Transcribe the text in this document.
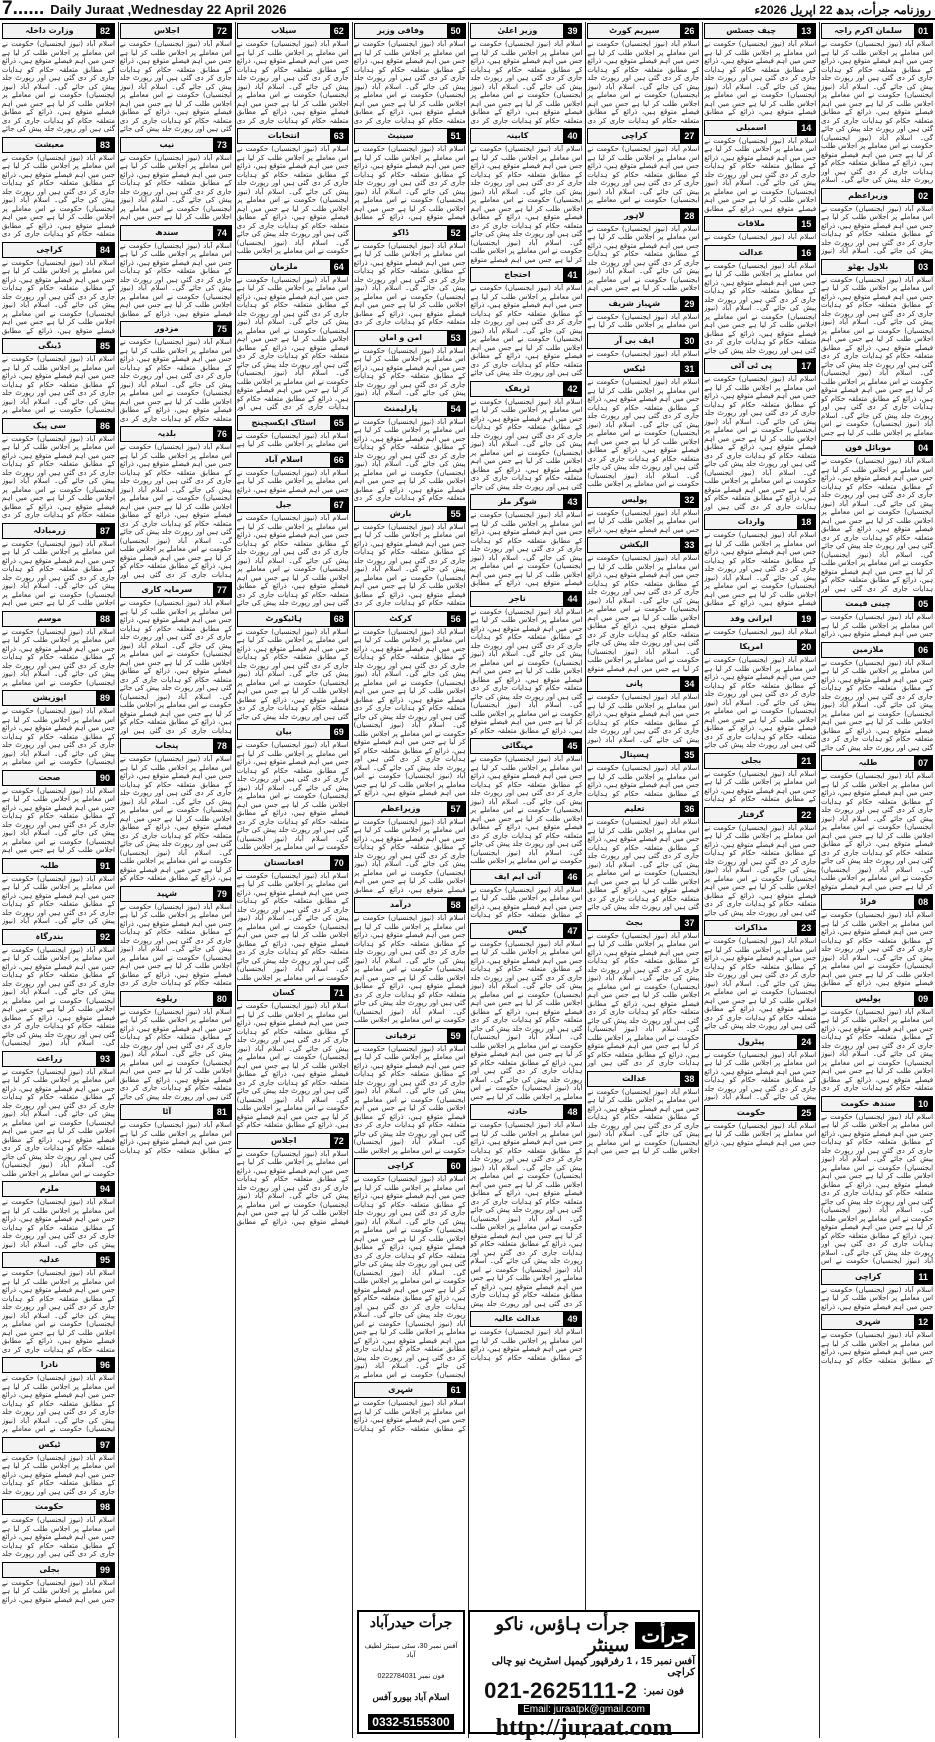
7...... Daily Juraat ,Wednesday 22 April 2026	روزنامہ جرأت، بدھ 22 اپریل 2026ء
01
سلمان اکرم راجہ
اسلام آباد (نیوز ایجنسیاں) حکومت نے اس معاملے پر اجلاس طلب کر لیا ہے جس میں اہم فیصلے متوقع ہیں، ذرائع کے مطابق متعلقہ حکام کو ہدایات جاری کر دی گئی ہیں اور رپورٹ جلد پیش کی جائے گی۔ اسلام آباد (نیوز ایجنسیاں) حکومت نے اس معاملے پر اجلاس طلب کر لیا ہے جس میں اہم فیصلے متوقع ہیں، ذرائع کے مطابق متعلقہ حکام کو ہدایات جاری کر دی گئی ہیں اور رپورٹ جلد پیش کی جائے گی۔ اسلام آباد (نیوز ایجنسیاں) حکومت نے اس معاملے پر اجلاس طلب کر لیا ہے جس میں اہم فیصلے متوقع ہیں، ذرائع کے مطابق متعلقہ حکام کو ہدایات جاری کر دی گئی ہیں اور رپورٹ جلد پیش کی جائے گی۔ اسلام
02
وزیراعظم
اسلام آباد (نیوز ایجنسیاں) حکومت نے اس معاملے پر اجلاس طلب کر لیا ہے جس میں اہم فیصلے متوقع ہیں، ذرائع کے مطابق متعلقہ حکام کو ہدایات جاری کر دی گئی ہیں اور رپورٹ جلد پیش کی جائے گی۔ اسلام آباد (نیوز
03
بلاول بھٹو
اسلام آباد (نیوز ایجنسیاں) حکومت نے اس معاملے پر اجلاس طلب کر لیا ہے جس میں اہم فیصلے متوقع ہیں، ذرائع کے مطابق متعلقہ حکام کو ہدایات جاری کر دی گئی ہیں اور رپورٹ جلد پیش کی جائے گی۔ اسلام آباد (نیوز ایجنسیاں) حکومت نے اس معاملے پر اجلاس طلب کر لیا ہے جس میں اہم فیصلے متوقع ہیں، ذرائع کے مطابق متعلقہ حکام کو ہدایات جاری کر دی گئی ہیں اور رپورٹ جلد پیش کی جائے گی۔ اسلام آباد (نیوز ایجنسیاں) حکومت نے اس معاملے پر اجلاس طلب کر لیا ہے جس میں اہم فیصلے متوقع ہیں، ذرائع کے مطابق متعلقہ حکام کو ہدایات جاری کر دی گئی ہیں اور رپورٹ جلد پیش کی جائے گی۔ اسلام آباد (نیوز ایجنسیاں) حکومت نے اس معاملے پر اجلاس طلب کر لیا ہے جس
04
موبائل فون
اسلام آباد (نیوز ایجنسیاں) حکومت نے اس معاملے پر اجلاس طلب کر لیا ہے جس میں اہم فیصلے متوقع ہیں، ذرائع کے مطابق متعلقہ حکام کو ہدایات جاری کر دی گئی ہیں اور رپورٹ جلد پیش کی جائے گی۔ اسلام آباد (نیوز ایجنسیاں) حکومت نے اس معاملے پر اجلاس طلب کر لیا ہے جس میں اہم فیصلے متوقع ہیں، ذرائع کے مطابق متعلقہ حکام کو ہدایات جاری کر دی گئی ہیں اور رپورٹ جلد پیش کی جائے گی۔ اسلام آباد (نیوز ایجنسیاں) حکومت نے اس معاملے پر اجلاس طلب کر لیا ہے جس میں اہم فیصلے متوقع ہیں، ذرائع کے مطابق متعلقہ حکام کو ہدایات جاری کر دی گئی ہیں اور
05
چینی قیمت
اسلام آباد (نیوز ایجنسیاں) حکومت نے اس معاملے پر اجلاس طلب کر لیا ہے جس میں اہم فیصلے متوقع ہیں، ذرائع
06
ملازمین
اسلام آباد (نیوز ایجنسیاں) حکومت نے اس معاملے پر اجلاس طلب کر لیا ہے جس میں اہم فیصلے متوقع ہیں، ذرائع کے مطابق متعلقہ حکام کو ہدایات جاری کر دی گئی ہیں اور رپورٹ جلد پیش کی جائے گی۔ اسلام آباد (نیوز ایجنسیاں) حکومت نے اس معاملے پر اجلاس طلب کر لیا ہے جس میں اہم فیصلے متوقع ہیں، ذرائع کے مطابق متعلقہ حکام کو ہدایات جاری کر دی گئی ہیں اور رپورٹ جلد پیش کی جائے
07
طلبہ
اسلام آباد (نیوز ایجنسیاں) حکومت نے اس معاملے پر اجلاس طلب کر لیا ہے جس میں اہم فیصلے متوقع ہیں، ذرائع کے مطابق متعلقہ حکام کو ہدایات جاری کر دی گئی ہیں اور رپورٹ جلد پیش کی جائے گی۔ اسلام آباد (نیوز ایجنسیاں) حکومت نے اس معاملے پر اجلاس طلب کر لیا ہے جس میں اہم فیصلے متوقع ہیں، ذرائع کے مطابق متعلقہ حکام کو ہدایات جاری کر دی گئی ہیں اور رپورٹ جلد پیش کی جائے گی۔ اسلام آباد (نیوز ایجنسیاں) حکومت نے اس معاملے پر اجلاس طلب کر لیا ہے جس میں اہم فیصلے متوقع
08
فراڈ
اسلام آباد (نیوز ایجنسیاں) حکومت نے اس معاملے پر اجلاس طلب کر لیا ہے جس میں اہم فیصلے متوقع ہیں، ذرائع کے مطابق متعلقہ حکام کو ہدایات جاری کر دی گئی ہیں اور رپورٹ جلد پیش کی جائے گی۔ اسلام آباد (نیوز ایجنسیاں) حکومت نے اس معاملے پر اجلاس طلب کر لیا ہے جس میں اہم فیصلے متوقع ہیں، ذرائع کے مطابق
09
پولیس
اسلام آباد (نیوز ایجنسیاں) حکومت نے اس معاملے پر اجلاس طلب کر لیا ہے جس میں اہم فیصلے متوقع ہیں، ذرائع کے مطابق متعلقہ حکام کو ہدایات جاری کر دی گئی ہیں اور رپورٹ جلد پیش کی جائے گی۔ اسلام آباد (نیوز ایجنسیاں) حکومت نے اس معاملے پر اجلاس طلب کر لیا ہے جس میں اہم فیصلے متوقع ہیں، ذرائع کے مطابق متعلقہ حکام کو ہدایات جاری کر دی
10
سندھ حکومت
اسلام آباد (نیوز ایجنسیاں) حکومت نے اس معاملے پر اجلاس طلب کر لیا ہے جس میں اہم فیصلے متوقع ہیں، ذرائع کے مطابق متعلقہ حکام کو ہدایات جاری کر دی گئی ہیں اور رپورٹ جلد پیش کی جائے گی۔ اسلام آباد (نیوز ایجنسیاں) حکومت نے اس معاملے پر اجلاس طلب کر لیا ہے جس میں اہم فیصلے متوقع ہیں، ذرائع کے مطابق متعلقہ حکام کو ہدایات جاری کر دی گئی ہیں اور رپورٹ جلد پیش کی جائے گی۔ اسلام آباد (نیوز ایجنسیاں) حکومت نے اس معاملے پر اجلاس طلب کر لیا ہے جس میں اہم فیصلے متوقع ہیں، ذرائع کے مطابق متعلقہ حکام کو ہدایات جاری کر دی گئی ہیں اور رپورٹ جلد پیش کی جائے گی۔ اسلام آباد (نیوز ایجنسیاں) حکومت نے اس
11
کراچی
اسلام آباد (نیوز ایجنسیاں) حکومت نے اس معاملے پر اجلاس طلب کر لیا ہے جس میں اہم فیصلے متوقع ہیں، ذرائع
12
شہری
اسلام آباد (نیوز ایجنسیاں) حکومت نے اس معاملے پر اجلاس طلب کر لیا ہے جس میں اہم فیصلے متوقع ہیں، ذرائع کے مطابق متعلقہ حکام کو ہدایات
13
چیف جسٹس
اسلام آباد (نیوز ایجنسیاں) حکومت نے اس معاملے پر اجلاس طلب کر لیا ہے جس میں اہم فیصلے متوقع ہیں، ذرائع کے مطابق متعلقہ حکام کو ہدایات جاری کر دی گئی ہیں اور رپورٹ جلد پیش کی جائے گی۔ اسلام آباد (نیوز ایجنسیاں) حکومت نے اس معاملے پر اجلاس طلب کر لیا ہے جس میں اہم فیصلے متوقع ہیں، ذرائع کے مطابق
14
اسمبلی
اسلام آباد (نیوز ایجنسیاں) حکومت نے اس معاملے پر اجلاس طلب کر لیا ہے جس میں اہم فیصلے متوقع ہیں، ذرائع کے مطابق متعلقہ حکام کو ہدایات جاری کر دی گئی ہیں اور رپورٹ جلد پیش کی جائے گی۔ اسلام آباد (نیوز ایجنسیاں) حکومت نے اس معاملے پر اجلاس طلب کر لیا ہے جس میں اہم فیصلے متوقع ہیں، ذرائع کے مطابق
15
ملاقات
اسلام آباد (نیوز ایجنسیاں) حکومت نے
16
عدالت
اسلام آباد (نیوز ایجنسیاں) حکومت نے اس معاملے پر اجلاس طلب کر لیا ہے جس میں اہم فیصلے متوقع ہیں، ذرائع کے مطابق متعلقہ حکام کو ہدایات جاری کر دی گئی ہیں اور رپورٹ جلد پیش کی جائے گی۔ اسلام آباد (نیوز ایجنسیاں) حکومت نے اس معاملے پر اجلاس طلب کر لیا ہے جس میں اہم فیصلے متوقع ہیں، ذرائع کے مطابق متعلقہ حکام کو ہدایات جاری کر دی گئی ہیں اور رپورٹ جلد پیش کی جائے
17
پی ٹی آئی
اسلام آباد (نیوز ایجنسیاں) حکومت نے اس معاملے پر اجلاس طلب کر لیا ہے جس میں اہم فیصلے متوقع ہیں، ذرائع کے مطابق متعلقہ حکام کو ہدایات جاری کر دی گئی ہیں اور رپورٹ جلد پیش کی جائے گی۔ اسلام آباد (نیوز ایجنسیاں) حکومت نے اس معاملے پر اجلاس طلب کر لیا ہے جس میں اہم فیصلے متوقع ہیں، ذرائع کے مطابق متعلقہ حکام کو ہدایات جاری کر دی گئی ہیں اور رپورٹ جلد پیش کی جائے گی۔ اسلام آباد (نیوز ایجنسیاں) حکومت نے اس معاملے پر اجلاس طلب کر لیا ہے جس میں اہم فیصلے متوقع ہیں، ذرائع کے مطابق متعلقہ حکام کو ہدایات جاری کر دی گئی ہیں اور
18
واردات
اسلام آباد (نیوز ایجنسیاں) حکومت نے اس معاملے پر اجلاس طلب کر لیا ہے جس میں اہم فیصلے متوقع ہیں، ذرائع کے مطابق متعلقہ حکام کو ہدایات جاری کر دی گئی ہیں اور رپورٹ جلد پیش کی جائے گی۔ اسلام آباد (نیوز ایجنسیاں) حکومت نے اس معاملے پر اجلاس طلب کر لیا ہے جس میں اہم فیصلے متوقع ہیں، ذرائع کے مطابق
19
ایرانی وفد
اسلام آباد (نیوز ایجنسیاں) حکومت نے
20
امریکا
اسلام آباد (نیوز ایجنسیاں) حکومت نے اس معاملے پر اجلاس طلب کر لیا ہے جس میں اہم فیصلے متوقع ہیں، ذرائع کے مطابق متعلقہ حکام کو ہدایات جاری کر دی گئی ہیں اور رپورٹ جلد پیش کی جائے گی۔ اسلام آباد (نیوز ایجنسیاں) حکومت نے اس معاملے پر اجلاس طلب کر لیا ہے جس میں اہم فیصلے متوقع ہیں، ذرائع کے مطابق متعلقہ حکام کو ہدایات جاری کر دی گئی ہیں اور رپورٹ جلد پیش کی جائے
21
بجلی
اسلام آباد (نیوز ایجنسیاں) حکومت نے اس معاملے پر اجلاس طلب کر لیا ہے جس میں اہم فیصلے متوقع ہیں، ذرائع کے مطابق متعلقہ حکام کو ہدایات
22
گرفتار
اسلام آباد (نیوز ایجنسیاں) حکومت نے اس معاملے پر اجلاس طلب کر لیا ہے جس میں اہم فیصلے متوقع ہیں، ذرائع کے مطابق متعلقہ حکام کو ہدایات جاری کر دی گئی ہیں اور رپورٹ جلد پیش کی جائے گی۔ اسلام آباد (نیوز ایجنسیاں) حکومت نے اس معاملے پر اجلاس طلب کر لیا ہے جس میں اہم فیصلے متوقع ہیں، ذرائع کے مطابق متعلقہ حکام کو ہدایات جاری کر دی گئی ہیں اور رپورٹ جلد پیش کی جائے
23
مذاکرات
اسلام آباد (نیوز ایجنسیاں) حکومت نے اس معاملے پر اجلاس طلب کر لیا ہے جس میں اہم فیصلے متوقع ہیں، ذرائع کے مطابق متعلقہ حکام کو ہدایات جاری کر دی گئی ہیں اور رپورٹ جلد پیش کی جائے گی۔ اسلام آباد (نیوز ایجنسیاں) حکومت نے اس معاملے پر اجلاس طلب کر لیا ہے جس میں اہم فیصلے متوقع ہیں، ذرائع کے مطابق متعلقہ حکام کو ہدایات جاری کر دی گئی ہیں اور رپورٹ جلد پیش کی جائے
24
پیٹرول
اسلام آباد (نیوز ایجنسیاں) حکومت نے اس معاملے پر اجلاس طلب کر لیا ہے جس میں اہم فیصلے متوقع ہیں، ذرائع کے مطابق متعلقہ حکام کو ہدایات جاری کر دی گئی ہیں اور رپورٹ جلد پیش کی جائے گی۔ اسلام آباد (نیوز
25
حکومت
اسلام آباد (نیوز ایجنسیاں) حکومت نے اس معاملے پر اجلاس طلب کر لیا ہے جس میں اہم فیصلے متوقع ہیں، ذرائع
26
سپریم کورٹ
اسلام آباد (نیوز ایجنسیاں) حکومت نے اس معاملے پر اجلاس طلب کر لیا ہے جس میں اہم فیصلے متوقع ہیں، ذرائع کے مطابق متعلقہ حکام کو ہدایات جاری کر دی گئی ہیں اور رپورٹ جلد پیش کی جائے گی۔ اسلام آباد (نیوز ایجنسیاں) حکومت نے اس معاملے پر اجلاس طلب کر لیا ہے جس میں اہم فیصلے متوقع ہیں، ذرائع کے مطابق متعلقہ حکام کو ہدایات جاری کر دی
27
کراچی
اسلام آباد (نیوز ایجنسیاں) حکومت نے اس معاملے پر اجلاس طلب کر لیا ہے جس میں اہم فیصلے متوقع ہیں، ذرائع کے مطابق متعلقہ حکام کو ہدایات جاری کر دی گئی ہیں اور رپورٹ جلد پیش کی جائے گی۔ اسلام آباد (نیوز ایجنسیاں) حکومت نے اس معاملے پر
28
لاہور
اسلام آباد (نیوز ایجنسیاں) حکومت نے اس معاملے پر اجلاس طلب کر لیا ہے جس میں اہم فیصلے متوقع ہیں، ذرائع کے مطابق متعلقہ حکام کو ہدایات جاری کر دی گئی ہیں اور رپورٹ جلد پیش کی جائے گی۔ اسلام آباد (نیوز ایجنسیاں) حکومت نے اس معاملے پر اجلاس طلب کر لیا ہے جس میں اہم
29
شہباز شریف
اسلام آباد (نیوز ایجنسیاں) حکومت نے اس معاملے پر اجلاس طلب کر لیا ہے
30
ایف بی آر
اسلام آباد (نیوز ایجنسیاں) حکومت نے
31
ٹیکس
اسلام آباد (نیوز ایجنسیاں) حکومت نے اس معاملے پر اجلاس طلب کر لیا ہے جس میں اہم فیصلے متوقع ہیں، ذرائع کے مطابق متعلقہ حکام کو ہدایات جاری کر دی گئی ہیں اور رپورٹ جلد پیش کی جائے گی۔ اسلام آباد (نیوز ایجنسیاں) حکومت نے اس معاملے پر اجلاس طلب کر لیا ہے جس میں اہم فیصلے متوقع ہیں، ذرائع کے مطابق متعلقہ حکام کو ہدایات جاری کر دی گئی ہیں اور رپورٹ جلد پیش کی جائے گی۔ اسلام آباد (نیوز ایجنسیاں) حکومت نے اس معاملے پر اجلاس طلب
32
پولیس
اسلام آباد (نیوز ایجنسیاں) حکومت نے اس معاملے پر اجلاس طلب کر لیا ہے جس میں اہم فیصلے متوقع ہیں، ذرائع
33
الیکشن
اسلام آباد (نیوز ایجنسیاں) حکومت نے اس معاملے پر اجلاس طلب کر لیا ہے جس میں اہم فیصلے متوقع ہیں، ذرائع کے مطابق متعلقہ حکام کو ہدایات جاری کر دی گئی ہیں اور رپورٹ جلد پیش کی جائے گی۔ اسلام آباد (نیوز ایجنسیاں) حکومت نے اس معاملے پر اجلاس طلب کر لیا ہے جس میں اہم فیصلے متوقع ہیں، ذرائع کے مطابق متعلقہ حکام کو ہدایات جاری کر دی گئی ہیں اور رپورٹ جلد پیش کی جائے گی۔ اسلام آباد (نیوز ایجنسیاں) حکومت نے اس معاملے پر اجلاس طلب کر لیا ہے جس میں اہم فیصلے متوقع
34
پانی
اسلام آباد (نیوز ایجنسیاں) حکومت نے اس معاملے پر اجلاس طلب کر لیا ہے جس میں اہم فیصلے متوقع ہیں، ذرائع کے مطابق متعلقہ حکام کو ہدایات جاری کر دی گئی ہیں اور رپورٹ جلد پیش کی جائے گی۔ اسلام آباد (نیوز
35
ہسپتال
اسلام آباد (نیوز ایجنسیاں) حکومت نے اس معاملے پر اجلاس طلب کر لیا ہے جس میں اہم فیصلے متوقع ہیں، ذرائع کے مطابق متعلقہ حکام کو ہدایات
36
تعلیم
اسلام آباد (نیوز ایجنسیاں) حکومت نے اس معاملے پر اجلاس طلب کر لیا ہے جس میں اہم فیصلے متوقع ہیں، ذرائع کے مطابق متعلقہ حکام کو ہدایات جاری کر دی گئی ہیں اور رپورٹ جلد پیش کی جائے گی۔ اسلام آباد (نیوز ایجنسیاں) حکومت نے اس معاملے پر اجلاس طلب کر لیا ہے جس میں اہم فیصلے متوقع ہیں، ذرائع کے مطابق متعلقہ حکام کو ہدایات جاری کر دی گئی ہیں اور رپورٹ جلد پیش کی جائے
37
بجٹ
اسلام آباد (نیوز ایجنسیاں) حکومت نے اس معاملے پر اجلاس طلب کر لیا ہے جس میں اہم فیصلے متوقع ہیں، ذرائع کے مطابق متعلقہ حکام کو ہدایات جاری کر دی گئی ہیں اور رپورٹ جلد پیش کی جائے گی۔ اسلام آباد (نیوز ایجنسیاں) حکومت نے اس معاملے پر اجلاس طلب کر لیا ہے جس میں اہم فیصلے متوقع ہیں، ذرائع کے مطابق متعلقہ حکام کو ہدایات جاری کر دی گئی ہیں اور رپورٹ جلد پیش کی جائے گی۔ اسلام آباد (نیوز ایجنسیاں) حکومت نے اس معاملے پر اجلاس طلب کر لیا ہے جس میں اہم فیصلے متوقع ہیں، ذرائع کے مطابق متعلقہ حکام کو ہدایات جاری کر دی گئی ہیں اور
38
عدالت
اسلام آباد (نیوز ایجنسیاں) حکومت نے اس معاملے پر اجلاس طلب کر لیا ہے جس میں اہم فیصلے متوقع ہیں، ذرائع کے مطابق متعلقہ حکام کو ہدایات جاری کر دی گئی ہیں اور رپورٹ جلد پیش کی جائے گی۔ اسلام آباد (نیوز ایجنسیاں) حکومت نے اس معاملے پر اجلاس طلب کر لیا ہے جس میں اہم
39
وزیر اعلیٰ
اسلام آباد (نیوز ایجنسیاں) حکومت نے اس معاملے پر اجلاس طلب کر لیا ہے جس میں اہم فیصلے متوقع ہیں، ذرائع کے مطابق متعلقہ حکام کو ہدایات جاری کر دی گئی ہیں اور رپورٹ جلد پیش کی جائے گی۔ اسلام آباد (نیوز ایجنسیاں) حکومت نے اس معاملے پر اجلاس طلب کر لیا ہے جس میں اہم فیصلے متوقع ہیں، ذرائع کے مطابق متعلقہ حکام کو ہدایات جاری کر دی
40
کابینہ
اسلام آباد (نیوز ایجنسیاں) حکومت نے اس معاملے پر اجلاس طلب کر لیا ہے جس میں اہم فیصلے متوقع ہیں، ذرائع کے مطابق متعلقہ حکام کو ہدایات جاری کر دی گئی ہیں اور رپورٹ جلد پیش کی جائے گی۔ اسلام آباد (نیوز ایجنسیاں) حکومت نے اس معاملے پر اجلاس طلب کر لیا ہے جس میں اہم فیصلے متوقع ہیں، ذرائع کے مطابق متعلقہ حکام کو ہدایات جاری کر دی گئی ہیں اور رپورٹ جلد پیش کی جائے گی۔ اسلام آباد (نیوز ایجنسیاں) حکومت نے اس معاملے پر اجلاس طلب کر لیا ہے جس میں اہم فیصلے متوقع
41
احتجاج
اسلام آباد (نیوز ایجنسیاں) حکومت نے اس معاملے پر اجلاس طلب کر لیا ہے جس میں اہم فیصلے متوقع ہیں، ذرائع کے مطابق متعلقہ حکام کو ہدایات جاری کر دی گئی ہیں اور رپورٹ جلد پیش کی جائے گی۔ اسلام آباد (نیوز ایجنسیاں) حکومت نے اس معاملے پر اجلاس طلب کر لیا ہے جس میں اہم فیصلے متوقع ہیں، ذرائع کے مطابق متعلقہ حکام کو ہدایات جاری کر دی گئی ہیں اور رپورٹ جلد پیش کی جائے
42
ٹریفک
اسلام آباد (نیوز ایجنسیاں) حکومت نے اس معاملے پر اجلاس طلب کر لیا ہے جس میں اہم فیصلے متوقع ہیں، ذرائع کے مطابق متعلقہ حکام کو ہدایات جاری کر دی گئی ہیں اور رپورٹ جلد پیش کی جائے گی۔ اسلام آباد (نیوز ایجنسیاں) حکومت نے اس معاملے پر اجلاس طلب کر لیا ہے جس میں اہم فیصلے متوقع ہیں، ذرائع کے مطابق متعلقہ حکام کو ہدایات جاری کر دی گئی ہیں اور رپورٹ جلد پیش کی جائے
43
شوگر ملز
اسلام آباد (نیوز ایجنسیاں) حکومت نے اس معاملے پر اجلاس طلب کر لیا ہے جس میں اہم فیصلے متوقع ہیں، ذرائع کے مطابق متعلقہ حکام کو ہدایات جاری کر دی گئی ہیں اور رپورٹ جلد پیش کی جائے گی۔ اسلام آباد (نیوز ایجنسیاں) حکومت نے اس معاملے پر اجلاس طلب کر لیا ہے جس میں اہم فیصلے متوقع ہیں، ذرائع کے مطابق
44
تاجر
اسلام آباد (نیوز ایجنسیاں) حکومت نے اس معاملے پر اجلاس طلب کر لیا ہے جس میں اہم فیصلے متوقع ہیں، ذرائع کے مطابق متعلقہ حکام کو ہدایات جاری کر دی گئی ہیں اور رپورٹ جلد پیش کی جائے گی۔ اسلام آباد (نیوز ایجنسیاں) حکومت نے اس معاملے پر اجلاس طلب کر لیا ہے جس میں اہم فیصلے متوقع ہیں، ذرائع کے مطابق متعلقہ حکام کو ہدایات جاری کر دی گئی ہیں اور رپورٹ جلد پیش کی جائے گی۔ اسلام آباد (نیوز ایجنسیاں) حکومت نے اس معاملے پر اجلاس طلب کر لیا ہے جس میں اہم فیصلے متوقع ہیں، ذرائع کے مطابق متعلقہ حکام کو
45
مہنگائی
اسلام آباد (نیوز ایجنسیاں) حکومت نے اس معاملے پر اجلاس طلب کر لیا ہے جس میں اہم فیصلے متوقع ہیں، ذرائع کے مطابق متعلقہ حکام کو ہدایات جاری کر دی گئی ہیں اور رپورٹ جلد پیش کی جائے گی۔ اسلام آباد (نیوز ایجنسیاں) حکومت نے اس معاملے پر اجلاس طلب کر لیا ہے جس میں اہم فیصلے متوقع ہیں، ذرائع کے مطابق متعلقہ حکام کو ہدایات جاری کر دی گئی ہیں اور رپورٹ جلد پیش کی جائے گی۔ اسلام آباد (نیوز ایجنسیاں) حکومت نے اس معاملے پر اجلاس طلب
46
آئی ایم ایف
اسلام آباد (نیوز ایجنسیاں) حکومت نے اس معاملے پر اجلاس طلب کر لیا ہے جس میں اہم فیصلے متوقع ہیں، ذرائع کے مطابق متعلقہ حکام کو ہدایات
47
گیس
اسلام آباد (نیوز ایجنسیاں) حکومت نے اس معاملے پر اجلاس طلب کر لیا ہے جس میں اہم فیصلے متوقع ہیں، ذرائع کے مطابق متعلقہ حکام کو ہدایات جاری کر دی گئی ہیں اور رپورٹ جلد پیش کی جائے گی۔ اسلام آباد (نیوز ایجنسیاں) حکومت نے اس معاملے پر اجلاس طلب کر لیا ہے جس میں اہم فیصلے متوقع ہیں، ذرائع کے مطابق متعلقہ حکام کو ہدایات جاری کر دی گئی ہیں اور رپورٹ جلد پیش کی جائے گی۔ اسلام آباد (نیوز ایجنسیاں) حکومت نے اس معاملے پر اجلاس طلب کر لیا ہے جس میں اہم فیصلے متوقع ہیں، ذرائع کے مطابق متعلقہ حکام کو ہدایات جاری کر دی گئی ہیں اور رپورٹ جلد پیش کی جائے گی۔ اسلام آباد (نیوز ایجنسیاں) حکومت نے اس معاملے پر اجلاس طلب کر لیا ہے جس
48
حادثہ
اسلام آباد (نیوز ایجنسیاں) حکومت نے اس معاملے پر اجلاس طلب کر لیا ہے جس میں اہم فیصلے متوقع ہیں، ذرائع کے مطابق متعلقہ حکام کو ہدایات جاری کر دی گئی ہیں اور رپورٹ جلد پیش کی جائے گی۔ اسلام آباد (نیوز ایجنسیاں) حکومت نے اس معاملے پر اجلاس طلب کر لیا ہے جس میں اہم فیصلے متوقع ہیں، ذرائع کے مطابق متعلقہ حکام کو ہدایات جاری کر دی گئی ہیں اور رپورٹ جلد پیش کی جائے گی۔ اسلام آباد (نیوز ایجنسیاں) حکومت نے اس معاملے پر اجلاس طلب کر لیا ہے جس میں اہم فیصلے متوقع ہیں، ذرائع کے مطابق متعلقہ حکام کو ہدایات جاری کر دی گئی ہیں اور رپورٹ جلد پیش کی جائے گی۔ اسلام آباد (نیوز ایجنسیاں) حکومت نے اس معاملے پر اجلاس طلب کر لیا ہے جس میں اہم فیصلے متوقع ہیں، ذرائع کے مطابق متعلقہ حکام کو ہدایات جاری کر دی گئی ہیں اور رپورٹ جلد پیش
49
عدالت عالیہ
اسلام آباد (نیوز ایجنسیاں) حکومت نے اس معاملے پر اجلاس طلب کر لیا ہے جس میں اہم فیصلے متوقع ہیں، ذرائع کے مطابق متعلقہ حکام کو ہدایات
50
وفاقی وزیر
اسلام آباد (نیوز ایجنسیاں) حکومت نے اس معاملے پر اجلاس طلب کر لیا ہے جس میں اہم فیصلے متوقع ہیں، ذرائع کے مطابق متعلقہ حکام کو ہدایات جاری کر دی گئی ہیں اور رپورٹ جلد پیش کی جائے گی۔ اسلام آباد (نیوز ایجنسیاں) حکومت نے اس معاملے پر اجلاس طلب کر لیا ہے جس میں اہم فیصلے متوقع ہیں، ذرائع کے مطابق متعلقہ حکام کو ہدایات جاری کر دی
51
سینیٹ
اسلام آباد (نیوز ایجنسیاں) حکومت نے اس معاملے پر اجلاس طلب کر لیا ہے جس میں اہم فیصلے متوقع ہیں، ذرائع کے مطابق متعلقہ حکام کو ہدایات جاری کر دی گئی ہیں اور رپورٹ جلد پیش کی جائے گی۔ اسلام آباد (نیوز ایجنسیاں) حکومت نے اس معاملے پر اجلاس طلب کر لیا ہے جس میں اہم فیصلے متوقع ہیں، ذرائع کے مطابق
52
ڈاکو
اسلام آباد (نیوز ایجنسیاں) حکومت نے اس معاملے پر اجلاس طلب کر لیا ہے جس میں اہم فیصلے متوقع ہیں، ذرائع کے مطابق متعلقہ حکام کو ہدایات جاری کر دی گئی ہیں اور رپورٹ جلد پیش کی جائے گی۔ اسلام آباد (نیوز ایجنسیاں) حکومت نے اس معاملے پر اجلاس طلب کر لیا ہے جس میں اہم فیصلے متوقع ہیں، ذرائع کے مطابق متعلقہ حکام کو ہدایات جاری کر دی
53
امن و امان
اسلام آباد (نیوز ایجنسیاں) حکومت نے اس معاملے پر اجلاس طلب کر لیا ہے جس میں اہم فیصلے متوقع ہیں، ذرائع کے مطابق متعلقہ حکام کو ہدایات جاری کر دی گئی ہیں اور رپورٹ جلد پیش کی جائے گی۔ اسلام آباد (نیوز
54
پارلیمنٹ
اسلام آباد (نیوز ایجنسیاں) حکومت نے اس معاملے پر اجلاس طلب کر لیا ہے جس میں اہم فیصلے متوقع ہیں، ذرائع کے مطابق متعلقہ حکام کو ہدایات جاری کر دی گئی ہیں اور رپورٹ جلد پیش کی جائے گی۔ اسلام آباد (نیوز ایجنسیاں) حکومت نے اس معاملے پر اجلاس طلب کر لیا ہے جس میں اہم فیصلے متوقع ہیں، ذرائع کے مطابق متعلقہ حکام کو ہدایات جاری کر دی
55
بارش
اسلام آباد (نیوز ایجنسیاں) حکومت نے اس معاملے پر اجلاس طلب کر لیا ہے جس میں اہم فیصلے متوقع ہیں، ذرائع کے مطابق متعلقہ حکام کو ہدایات جاری کر دی گئی ہیں اور رپورٹ جلد پیش کی جائے گی۔ اسلام آباد (نیوز ایجنسیاں) حکومت نے اس معاملے پر اجلاس طلب کر لیا ہے جس میں اہم فیصلے متوقع ہیں، ذرائع کے مطابق متعلقہ حکام کو ہدایات جاری کر دی
56
کرکٹ
اسلام آباد (نیوز ایجنسیاں) حکومت نے اس معاملے پر اجلاس طلب کر لیا ہے جس میں اہم فیصلے متوقع ہیں، ذرائع کے مطابق متعلقہ حکام کو ہدایات جاری کر دی گئی ہیں اور رپورٹ جلد پیش کی جائے گی۔ اسلام آباد (نیوز ایجنسیاں) حکومت نے اس معاملے پر اجلاس طلب کر لیا ہے جس میں اہم فیصلے متوقع ہیں، ذرائع کے مطابق متعلقہ حکام کو ہدایات جاری کر دی گئی ہیں اور رپورٹ جلد پیش کی جائے گی۔ اسلام آباد (نیوز ایجنسیاں) حکومت نے اس معاملے پر اجلاس طلب کر لیا ہے جس میں اہم فیصلے متوقع ہیں، ذرائع کے مطابق متعلقہ حکام کو ہدایات جاری کر دی گئی ہیں اور رپورٹ جلد پیش کی جائے گی۔ اسلام آباد (نیوز ایجنسیاں) حکومت نے اس معاملے پر اجلاس طلب کر لیا ہے جس میں اہم فیصلے متوقع ہیں، ذرائع کے
57
وزیراعظم
اسلام آباد (نیوز ایجنسیاں) حکومت نے اس معاملے پر اجلاس طلب کر لیا ہے جس میں اہم فیصلے متوقع ہیں، ذرائع کے مطابق متعلقہ حکام کو ہدایات جاری کر دی گئی ہیں اور رپورٹ جلد پیش کی جائے گی۔ اسلام آباد (نیوز ایجنسیاں) حکومت نے اس معاملے پر اجلاس طلب کر لیا ہے جس میں اہم فیصلے متوقع ہیں، ذرائع کے مطابق
58
درآمد
اسلام آباد (نیوز ایجنسیاں) حکومت نے اس معاملے پر اجلاس طلب کر لیا ہے جس میں اہم فیصلے متوقع ہیں، ذرائع کے مطابق متعلقہ حکام کو ہدایات جاری کر دی گئی ہیں اور رپورٹ جلد پیش کی جائے گی۔ اسلام آباد (نیوز ایجنسیاں) حکومت نے اس معاملے پر اجلاس طلب کر لیا ہے جس میں اہم فیصلے متوقع ہیں، ذرائع کے مطابق متعلقہ حکام کو ہدایات جاری کر دی گئی ہیں اور رپورٹ جلد پیش کی جائے گی۔ اسلام آباد (نیوز ایجنسیاں) حکومت نے اس معاملے پر اجلاس طلب
59
ترقیاتی
اسلام آباد (نیوز ایجنسیاں) حکومت نے اس معاملے پر اجلاس طلب کر لیا ہے جس میں اہم فیصلے متوقع ہیں، ذرائع کے مطابق متعلقہ حکام کو ہدایات جاری کر دی گئی ہیں اور رپورٹ جلد پیش کی جائے گی۔ اسلام آباد (نیوز ایجنسیاں) حکومت نے اس معاملے پر اجلاس طلب کر لیا ہے جس میں اہم فیصلے متوقع ہیں، ذرائع کے مطابق متعلقہ حکام کو ہدایات جاری کر دی گئی ہیں اور رپورٹ جلد پیش کی جائے گی۔ اسلام آباد (نیوز ایجنسیاں) حکومت نے اس معاملے پر اجلاس طلب
60
کراچی
اسلام آباد (نیوز ایجنسیاں) حکومت نے اس معاملے پر اجلاس طلب کر لیا ہے جس میں اہم فیصلے متوقع ہیں، ذرائع کے مطابق متعلقہ حکام کو ہدایات جاری کر دی گئی ہیں اور رپورٹ جلد پیش کی جائے گی۔ اسلام آباد (نیوز ایجنسیاں) حکومت نے اس معاملے پر اجلاس طلب کر لیا ہے جس میں اہم فیصلے متوقع ہیں، ذرائع کے مطابق متعلقہ حکام کو ہدایات جاری کر دی گئی ہیں اور رپورٹ جلد پیش کی جائے گی۔ اسلام آباد (نیوز ایجنسیاں) حکومت نے اس معاملے پر اجلاس طلب کر لیا ہے جس میں اہم فیصلے متوقع ہیں، ذرائع کے مطابق متعلقہ حکام کو ہدایات جاری کر دی گئی ہیں اور رپورٹ جلد پیش کی جائے گی۔ اسلام آباد (نیوز ایجنسیاں) حکومت نے اس معاملے پر اجلاس طلب کر لیا ہے جس میں اہم فیصلے متوقع ہیں، ذرائع کے مطابق متعلقہ حکام کو ہدایات جاری کر دی گئی ہیں اور رپورٹ جلد پیش کی جائے گی۔ اسلام آباد (نیوز ایجنسیاں) حکومت نے اس معاملے پر
61
شہری
اسلام آباد (نیوز ایجنسیاں) حکومت نے اس معاملے پر اجلاس طلب کر لیا ہے جس میں اہم فیصلے متوقع ہیں، ذرائع کے مطابق متعلقہ حکام کو ہدایات
62
سیلاب
اسلام آباد (نیوز ایجنسیاں) حکومت نے اس معاملے پر اجلاس طلب کر لیا ہے جس میں اہم فیصلے متوقع ہیں، ذرائع کے مطابق متعلقہ حکام کو ہدایات جاری کر دی گئی ہیں اور رپورٹ جلد پیش کی جائے گی۔ اسلام آباد (نیوز ایجنسیاں) حکومت نے اس معاملے پر اجلاس طلب کر لیا ہے جس میں اہم فیصلے متوقع ہیں، ذرائع کے مطابق متعلقہ حکام کو ہدایات جاری کر دی
63
انتخابات
اسلام آباد (نیوز ایجنسیاں) حکومت نے اس معاملے پر اجلاس طلب کر لیا ہے جس میں اہم فیصلے متوقع ہیں، ذرائع کے مطابق متعلقہ حکام کو ہدایات جاری کر دی گئی ہیں اور رپورٹ جلد پیش کی جائے گی۔ اسلام آباد (نیوز ایجنسیاں) حکومت نے اس معاملے پر اجلاس طلب کر لیا ہے جس میں اہم فیصلے متوقع ہیں، ذرائع کے مطابق متعلقہ حکام کو ہدایات جاری کر دی گئی ہیں اور رپورٹ جلد پیش کی جائے گی۔ اسلام آباد (نیوز ایجنسیاں) حکومت نے اس معاملے پر اجلاس طلب
64
ملزمان
اسلام آباد (نیوز ایجنسیاں) حکومت نے اس معاملے پر اجلاس طلب کر لیا ہے جس میں اہم فیصلے متوقع ہیں، ذرائع کے مطابق متعلقہ حکام کو ہدایات جاری کر دی گئی ہیں اور رپورٹ جلد پیش کی جائے گی۔ اسلام آباد (نیوز ایجنسیاں) حکومت نے اس معاملے پر اجلاس طلب کر لیا ہے جس میں اہم فیصلے متوقع ہیں، ذرائع کے مطابق متعلقہ حکام کو ہدایات جاری کر دی گئی ہیں اور رپورٹ جلد پیش کی جائے گی۔ اسلام آباد (نیوز ایجنسیاں) حکومت نے اس معاملے پر اجلاس طلب کر لیا ہے جس میں اہم فیصلے متوقع ہیں، ذرائع کے مطابق متعلقہ حکام کو ہدایات جاری کر دی گئی ہیں اور
65
اسٹاک ایکسچینج
اسلام آباد (نیوز ایجنسیاں) حکومت نے اس معاملے پر اجلاس طلب کر لیا ہے
66
اسلام آباد
اسلام آباد (نیوز ایجنسیاں) حکومت نے اس معاملے پر اجلاس طلب کر لیا ہے جس میں اہم فیصلے متوقع ہیں، ذرائع
67
جیل
اسلام آباد (نیوز ایجنسیاں) حکومت نے اس معاملے پر اجلاس طلب کر لیا ہے جس میں اہم فیصلے متوقع ہیں، ذرائع کے مطابق متعلقہ حکام کو ہدایات جاری کر دی گئی ہیں اور رپورٹ جلد پیش کی جائے گی۔ اسلام آباد (نیوز ایجنسیاں) حکومت نے اس معاملے پر اجلاس طلب کر لیا ہے جس میں اہم فیصلے متوقع ہیں، ذرائع کے مطابق متعلقہ حکام کو ہدایات جاری کر دی گئی ہیں اور رپورٹ جلد پیش کی جائے
68
ہائیکورٹ
اسلام آباد (نیوز ایجنسیاں) حکومت نے اس معاملے پر اجلاس طلب کر لیا ہے جس میں اہم فیصلے متوقع ہیں، ذرائع کے مطابق متعلقہ حکام کو ہدایات جاری کر دی گئی ہیں اور رپورٹ جلد پیش کی جائے گی۔ اسلام آباد (نیوز ایجنسیاں) حکومت نے اس معاملے پر اجلاس طلب کر لیا ہے جس میں اہم فیصلے متوقع ہیں، ذرائع کے مطابق متعلقہ حکام کو ہدایات جاری کر دی گئی ہیں اور رپورٹ جلد پیش کی جائے
69
بیان
اسلام آباد (نیوز ایجنسیاں) حکومت نے اس معاملے پر اجلاس طلب کر لیا ہے جس میں اہم فیصلے متوقع ہیں، ذرائع کے مطابق متعلقہ حکام کو ہدایات جاری کر دی گئی ہیں اور رپورٹ جلد پیش کی جائے گی۔ اسلام آباد (نیوز ایجنسیاں) حکومت نے اس معاملے پر اجلاس طلب کر لیا ہے جس میں اہم فیصلے متوقع ہیں، ذرائع کے مطابق متعلقہ حکام کو ہدایات جاری کر دی گئی ہیں اور رپورٹ جلد پیش کی جائے گی۔ اسلام آباد (نیوز ایجنسیاں) حکومت نے اس معاملے پر اجلاس طلب
70
افغانستان
اسلام آباد (نیوز ایجنسیاں) حکومت نے اس معاملے پر اجلاس طلب کر لیا ہے جس میں اہم فیصلے متوقع ہیں، ذرائع کے مطابق متعلقہ حکام کو ہدایات جاری کر دی گئی ہیں اور رپورٹ جلد پیش کی جائے گی۔ اسلام آباد (نیوز ایجنسیاں) حکومت نے اس معاملے پر اجلاس طلب کر لیا ہے جس میں اہم فیصلے متوقع ہیں، ذرائع کے مطابق متعلقہ حکام کو ہدایات جاری کر دی گئی ہیں اور رپورٹ جلد پیش کی جائے گی۔ اسلام آباد (نیوز ایجنسیاں) حکومت نے اس معاملے پر اجلاس طلب
71
کسان
اسلام آباد (نیوز ایجنسیاں) حکومت نے اس معاملے پر اجلاس طلب کر لیا ہے جس میں اہم فیصلے متوقع ہیں، ذرائع کے مطابق متعلقہ حکام کو ہدایات جاری کر دی گئی ہیں اور رپورٹ جلد پیش کی جائے گی۔ اسلام آباد (نیوز ایجنسیاں) حکومت نے اس معاملے پر اجلاس طلب کر لیا ہے جس میں اہم فیصلے متوقع ہیں، ذرائع کے مطابق متعلقہ حکام کو ہدایات جاری کر دی گئی ہیں اور رپورٹ جلد پیش کی جائے گی۔ اسلام آباد (نیوز ایجنسیاں) حکومت نے اس معاملے پر اجلاس طلب کر لیا ہے جس میں اہم فیصلے متوقع ہیں، ذرائع کے مطابق متعلقہ حکام کو
72
اجلاس
اسلام آباد (نیوز ایجنسیاں) حکومت نے اس معاملے پر اجلاس طلب کر لیا ہے جس میں اہم فیصلے متوقع ہیں، ذرائع کے مطابق متعلقہ حکام کو ہدایات جاری کر دی گئی ہیں اور رپورٹ جلد پیش کی جائے گی۔ اسلام آباد (نیوز ایجنسیاں) حکومت نے اس معاملے پر اجلاس طلب کر لیا ہے جس میں اہم فیصلے متوقع ہیں، ذرائع کے مطابق
72
اجلاس
اسلام آباد (نیوز ایجنسیاں) حکومت نے اس معاملے پر اجلاس طلب کر لیا ہے جس میں اہم فیصلے متوقع ہیں، ذرائع کے مطابق متعلقہ حکام کو ہدایات جاری کر دی گئی ہیں اور رپورٹ جلد پیش کی جائے گی۔ اسلام آباد (نیوز ایجنسیاں) حکومت نے اس معاملے پر اجلاس طلب کر لیا ہے جس میں اہم فیصلے متوقع ہیں، ذرائع کے مطابق متعلقہ حکام کو ہدایات جاری کر دی گئی ہیں اور رپورٹ جلد پیش کی جائے
73
نیب
اسلام آباد (نیوز ایجنسیاں) حکومت نے اس معاملے پر اجلاس طلب کر لیا ہے جس میں اہم فیصلے متوقع ہیں، ذرائع کے مطابق متعلقہ حکام کو ہدایات جاری کر دی گئی ہیں اور رپورٹ جلد پیش کی جائے گی۔ اسلام آباد (نیوز ایجنسیاں) حکومت نے اس معاملے پر اجلاس طلب کر لیا ہے جس میں اہم
74
سندھ
اسلام آباد (نیوز ایجنسیاں) حکومت نے اس معاملے پر اجلاس طلب کر لیا ہے جس میں اہم فیصلے متوقع ہیں، ذرائع کے مطابق متعلقہ حکام کو ہدایات جاری کر دی گئی ہیں اور رپورٹ جلد پیش کی جائے گی۔ اسلام آباد (نیوز ایجنسیاں) حکومت نے اس معاملے پر اجلاس طلب کر لیا ہے جس میں اہم فیصلے متوقع ہیں، ذرائع کے مطابق
75
مزدور
اسلام آباد (نیوز ایجنسیاں) حکومت نے اس معاملے پر اجلاس طلب کر لیا ہے جس میں اہم فیصلے متوقع ہیں، ذرائع کے مطابق متعلقہ حکام کو ہدایات جاری کر دی گئی ہیں اور رپورٹ جلد پیش کی جائے گی۔ اسلام آباد (نیوز ایجنسیاں) حکومت نے اس معاملے پر اجلاس طلب کر لیا ہے جس میں اہم فیصلے متوقع ہیں، ذرائع کے مطابق متعلقہ حکام کو ہدایات جاری کر دی
76
بلدیہ
اسلام آباد (نیوز ایجنسیاں) حکومت نے اس معاملے پر اجلاس طلب کر لیا ہے جس میں اہم فیصلے متوقع ہیں، ذرائع کے مطابق متعلقہ حکام کو ہدایات جاری کر دی گئی ہیں اور رپورٹ جلد پیش کی جائے گی۔ اسلام آباد (نیوز ایجنسیاں) حکومت نے اس معاملے پر اجلاس طلب کر لیا ہے جس میں اہم فیصلے متوقع ہیں، ذرائع کے مطابق متعلقہ حکام کو ہدایات جاری کر دی گئی ہیں اور رپورٹ جلد پیش کی جائے گی۔ اسلام آباد (نیوز ایجنسیاں) حکومت نے اس معاملے پر اجلاس طلب کر لیا ہے جس میں اہم فیصلے متوقع ہیں، ذرائع کے مطابق متعلقہ حکام کو ہدایات جاری کر دی گئی ہیں اور
77
سرمایہ کاری
اسلام آباد (نیوز ایجنسیاں) حکومت نے اس معاملے پر اجلاس طلب کر لیا ہے جس میں اہم فیصلے متوقع ہیں، ذرائع کے مطابق متعلقہ حکام کو ہدایات جاری کر دی گئی ہیں اور رپورٹ جلد پیش کی جائے گی۔ اسلام آباد (نیوز ایجنسیاں) حکومت نے اس معاملے پر اجلاس طلب کر لیا ہے جس میں اہم فیصلے متوقع ہیں، ذرائع کے مطابق متعلقہ حکام کو ہدایات جاری کر دی گئی ہیں اور رپورٹ جلد پیش کی جائے گی۔ اسلام آباد (نیوز ایجنسیاں) حکومت نے اس معاملے پر اجلاس طلب کر لیا ہے جس میں اہم فیصلے متوقع ہیں، ذرائع کے مطابق متعلقہ حکام کو ہدایات جاری کر دی گئی ہیں اور
78
پنجاب
اسلام آباد (نیوز ایجنسیاں) حکومت نے اس معاملے پر اجلاس طلب کر لیا ہے جس میں اہم فیصلے متوقع ہیں، ذرائع کے مطابق متعلقہ حکام کو ہدایات جاری کر دی گئی ہیں اور رپورٹ جلد پیش کی جائے گی۔ اسلام آباد (نیوز ایجنسیاں) حکومت نے اس معاملے پر اجلاس طلب کر لیا ہے جس میں اہم فیصلے متوقع ہیں، ذرائع کے مطابق متعلقہ حکام کو ہدایات جاری کر دی گئی ہیں اور رپورٹ جلد پیش کی جائے گی۔ اسلام آباد (نیوز ایجنسیاں) حکومت نے اس معاملے پر اجلاس طلب کر لیا ہے جس میں اہم فیصلے متوقع ہیں، ذرائع کے مطابق متعلقہ حکام کو
79
شہید
اسلام آباد (نیوز ایجنسیاں) حکومت نے اس معاملے پر اجلاس طلب کر لیا ہے جس میں اہم فیصلے متوقع ہیں، ذرائع کے مطابق متعلقہ حکام کو ہدایات جاری کر دی گئی ہیں اور رپورٹ جلد پیش کی جائے گی۔ اسلام آباد (نیوز ایجنسیاں) حکومت نے اس معاملے پر اجلاس طلب کر لیا ہے جس میں اہم فیصلے متوقع ہیں، ذرائع کے مطابق متعلقہ حکام کو ہدایات جاری کر دی
80
ریلوے
اسلام آباد (نیوز ایجنسیاں) حکومت نے اس معاملے پر اجلاس طلب کر لیا ہے جس میں اہم فیصلے متوقع ہیں، ذرائع کے مطابق متعلقہ حکام کو ہدایات جاری کر دی گئی ہیں اور رپورٹ جلد پیش کی جائے گی۔ اسلام آباد (نیوز ایجنسیاں) حکومت نے اس معاملے پر اجلاس طلب کر لیا ہے جس میں اہم فیصلے متوقع ہیں، ذرائع کے مطابق متعلقہ حکام کو ہدایات جاری کر دی گئی ہیں اور رپورٹ جلد پیش کی جائے
81
آٹا
اسلام آباد (نیوز ایجنسیاں) حکومت نے اس معاملے پر اجلاس طلب کر لیا ہے جس میں اہم فیصلے متوقع ہیں، ذرائع کے مطابق متعلقہ حکام کو ہدایات
82
وزارت داخلہ
اسلام آباد (نیوز ایجنسیاں) حکومت نے اس معاملے پر اجلاس طلب کر لیا ہے جس میں اہم فیصلے متوقع ہیں، ذرائع کے مطابق متعلقہ حکام کو ہدایات جاری کر دی گئی ہیں اور رپورٹ جلد پیش کی جائے گی۔ اسلام آباد (نیوز ایجنسیاں) حکومت نے اس معاملے پر اجلاس طلب کر لیا ہے جس میں اہم فیصلے متوقع ہیں، ذرائع کے مطابق متعلقہ حکام کو ہدایات جاری کر دی گئی ہیں اور رپورٹ جلد پیش کی جائے
83
معیشت
اسلام آباد (نیوز ایجنسیاں) حکومت نے اس معاملے پر اجلاس طلب کر لیا ہے جس میں اہم فیصلے متوقع ہیں، ذرائع کے مطابق متعلقہ حکام کو ہدایات جاری کر دی گئی ہیں اور رپورٹ جلد پیش کی جائے گی۔ اسلام آباد (نیوز ایجنسیاں) حکومت نے اس معاملے پر اجلاس طلب کر لیا ہے جس میں اہم فیصلے متوقع ہیں، ذرائع کے مطابق متعلقہ حکام کو ہدایات جاری کر دی
84
کراچی
اسلام آباد (نیوز ایجنسیاں) حکومت نے اس معاملے پر اجلاس طلب کر لیا ہے جس میں اہم فیصلے متوقع ہیں، ذرائع کے مطابق متعلقہ حکام کو ہدایات جاری کر دی گئی ہیں اور رپورٹ جلد پیش کی جائے گی۔ اسلام آباد (نیوز ایجنسیاں) حکومت نے اس معاملے پر اجلاس طلب کر لیا ہے جس میں اہم فیصلے متوقع ہیں، ذرائع کے مطابق
85
ڈینگی
اسلام آباد (نیوز ایجنسیاں) حکومت نے اس معاملے پر اجلاس طلب کر لیا ہے جس میں اہم فیصلے متوقع ہیں، ذرائع کے مطابق متعلقہ حکام کو ہدایات جاری کر دی گئی ہیں اور رپورٹ جلد پیش کی جائے گی۔ اسلام آباد (نیوز ایجنسیاں) حکومت نے اس معاملے پر
86
سی پیک
اسلام آباد (نیوز ایجنسیاں) حکومت نے اس معاملے پر اجلاس طلب کر لیا ہے جس میں اہم فیصلے متوقع ہیں، ذرائع کے مطابق متعلقہ حکام کو ہدایات جاری کر دی گئی ہیں اور رپورٹ جلد پیش کی جائے گی۔ اسلام آباد (نیوز ایجنسیاں) حکومت نے اس معاملے پر اجلاس طلب کر لیا ہے جس میں اہم فیصلے متوقع ہیں، ذرائع کے مطابق متعلقہ حکام کو ہدایات جاری کر دی
87
زرمبادلہ
اسلام آباد (نیوز ایجنسیاں) حکومت نے اس معاملے پر اجلاس طلب کر لیا ہے جس میں اہم فیصلے متوقع ہیں، ذرائع کے مطابق متعلقہ حکام کو ہدایات جاری کر دی گئی ہیں اور رپورٹ جلد پیش کی جائے گی۔ اسلام آباد (نیوز ایجنسیاں) حکومت نے اس معاملے پر اجلاس طلب کر لیا ہے جس میں اہم
88
موسم
اسلام آباد (نیوز ایجنسیاں) حکومت نے اس معاملے پر اجلاس طلب کر لیا ہے جس میں اہم فیصلے متوقع ہیں، ذرائع کے مطابق متعلقہ حکام کو ہدایات جاری کر دی گئی ہیں اور رپورٹ جلد پیش کی جائے گی۔ اسلام آباد (نیوز ایجنسیاں) حکومت نے اس معاملے پر
89
اپوزیشن
اسلام آباد (نیوز ایجنسیاں) حکومت نے اس معاملے پر اجلاس طلب کر لیا ہے جس میں اہم فیصلے متوقع ہیں، ذرائع کے مطابق متعلقہ حکام کو ہدایات جاری کر دی گئی ہیں اور رپورٹ جلد پیش کی جائے گی۔ اسلام آباد (نیوز ایجنسیاں) حکومت نے اس معاملے پر
90
صحت
اسلام آباد (نیوز ایجنسیاں) حکومت نے اس معاملے پر اجلاس طلب کر لیا ہے جس میں اہم فیصلے متوقع ہیں، ذرائع کے مطابق متعلقہ حکام کو ہدایات جاری کر دی گئی ہیں اور رپورٹ جلد پیش کی جائے گی۔ اسلام آباد (نیوز ایجنسیاں) حکومت نے اس معاملے پر اجلاس طلب کر لیا ہے جس میں اہم
91
طلبہ
اسلام آباد (نیوز ایجنسیاں) حکومت نے اس معاملے پر اجلاس طلب کر لیا ہے جس میں اہم فیصلے متوقع ہیں، ذرائع کے مطابق متعلقہ حکام کو ہدایات جاری کر دی گئی ہیں اور رپورٹ جلد پیش کی جائے گی۔ اسلام آباد (نیوز
92
بندرگاہ
اسلام آباد (نیوز ایجنسیاں) حکومت نے اس معاملے پر اجلاس طلب کر لیا ہے جس میں اہم فیصلے متوقع ہیں، ذرائع کے مطابق متعلقہ حکام کو ہدایات جاری کر دی گئی ہیں اور رپورٹ جلد پیش کی جائے گی۔ اسلام آباد (نیوز ایجنسیاں) حکومت نے اس معاملے پر اجلاس طلب کر لیا ہے جس میں اہم فیصلے متوقع ہیں، ذرائع کے مطابق متعلقہ حکام کو ہدایات جاری کر دی گئی ہیں اور رپورٹ جلد پیش کی جائے گی۔ اسلام آباد (نیوز ایجنسیاں)
93
زراعت
اسلام آباد (نیوز ایجنسیاں) حکومت نے اس معاملے پر اجلاس طلب کر لیا ہے جس میں اہم فیصلے متوقع ہیں، ذرائع کے مطابق متعلقہ حکام کو ہدایات جاری کر دی گئی ہیں اور رپورٹ جلد پیش کی جائے گی۔ اسلام آباد (نیوز ایجنسیاں) حکومت نے اس معاملے پر اجلاس طلب کر لیا ہے جس میں اہم فیصلے متوقع ہیں، ذرائع کے مطابق متعلقہ حکام کو ہدایات جاری کر دی گئی ہیں اور رپورٹ جلد پیش کی جائے گی۔ اسلام آباد (نیوز ایجنسیاں) حکومت نے اس معاملے پر اجلاس طلب
94
ملزم
اسلام آباد (نیوز ایجنسیاں) حکومت نے اس معاملے پر اجلاس طلب کر لیا ہے جس میں اہم فیصلے متوقع ہیں، ذرائع کے مطابق متعلقہ حکام کو ہدایات جاری کر دی گئی ہیں اور رپورٹ جلد پیش کی جائے گی۔ اسلام آباد (نیوز
95
عدلیہ
اسلام آباد (نیوز ایجنسیاں) حکومت نے اس معاملے پر اجلاس طلب کر لیا ہے جس میں اہم فیصلے متوقع ہیں، ذرائع کے مطابق متعلقہ حکام کو ہدایات جاری کر دی گئی ہیں اور رپورٹ جلد پیش کی جائے گی۔ اسلام آباد (نیوز ایجنسیاں) حکومت نے اس معاملے پر اجلاس طلب کر لیا ہے جس میں اہم فیصلے متوقع ہیں، ذرائع کے مطابق متعلقہ حکام کو ہدایات جاری کر دی
96
نادرا
اسلام آباد (نیوز ایجنسیاں) حکومت نے اس معاملے پر اجلاس طلب کر لیا ہے جس میں اہم فیصلے متوقع ہیں، ذرائع کے مطابق متعلقہ حکام کو ہدایات جاری کر دی گئی ہیں اور رپورٹ جلد پیش کی جائے گی۔ اسلام آباد (نیوز ایجنسیاں) حکومت نے اس معاملے پر
97
ٹیکس
اسلام آباد (نیوز ایجنسیاں) حکومت نے اس معاملے پر اجلاس طلب کر لیا ہے جس میں اہم فیصلے متوقع ہیں، ذرائع کے مطابق متعلقہ حکام کو ہدایات جاری کر دی گئی ہیں اور رپورٹ جلد
98
حکومت
اسلام آباد (نیوز ایجنسیاں) حکومت نے اس معاملے پر اجلاس طلب کر لیا ہے جس میں اہم فیصلے متوقع ہیں، ذرائع کے مطابق متعلقہ حکام کو ہدایات جاری کر دی گئی ہیں اور رپورٹ جلد
99
بجلی
اسلام آباد (نیوز ایجنسیاں) حکومت نے اس معاملے پر اجلاس طلب کر لیا ہے جس میں اہم فیصلے متوقع ہیں، ذرائع
جرأت حیدرآباد
آفس نمبر 30، سٹی سینٹر لطیف آباد
فون نمبر 0222784031
اسلام آباد بیورو آفس
0332-5155300
جرأت
جرأت ہاؤس، ناکو سینٹر
آفس نمبر 15 ، 1 رفرقپور کیمپل اسٹریٹ نیو چالی کراچی
021-2625111-2 فون نمبر:
Email: juraatpk@gmail.com
http://juraat.com
